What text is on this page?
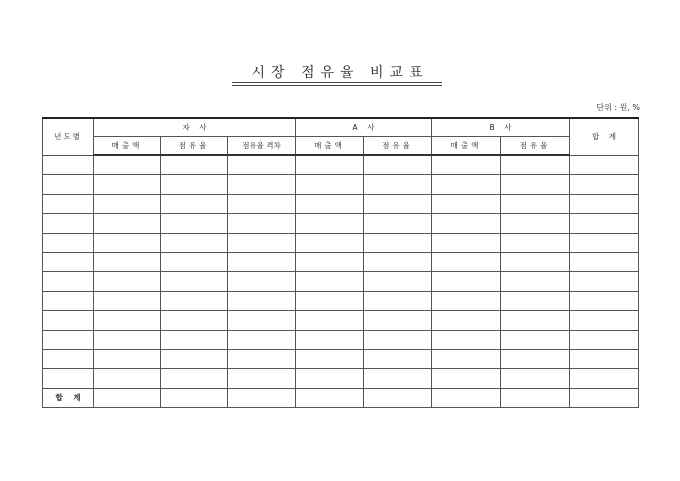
시장 점유율 비교표
단위 : 원, %
년도별	자    사			A    사		B    사		합    계
	매출액	점유율	점유율 격차	매출액	점유율	매출액	점유율	

합    계								
